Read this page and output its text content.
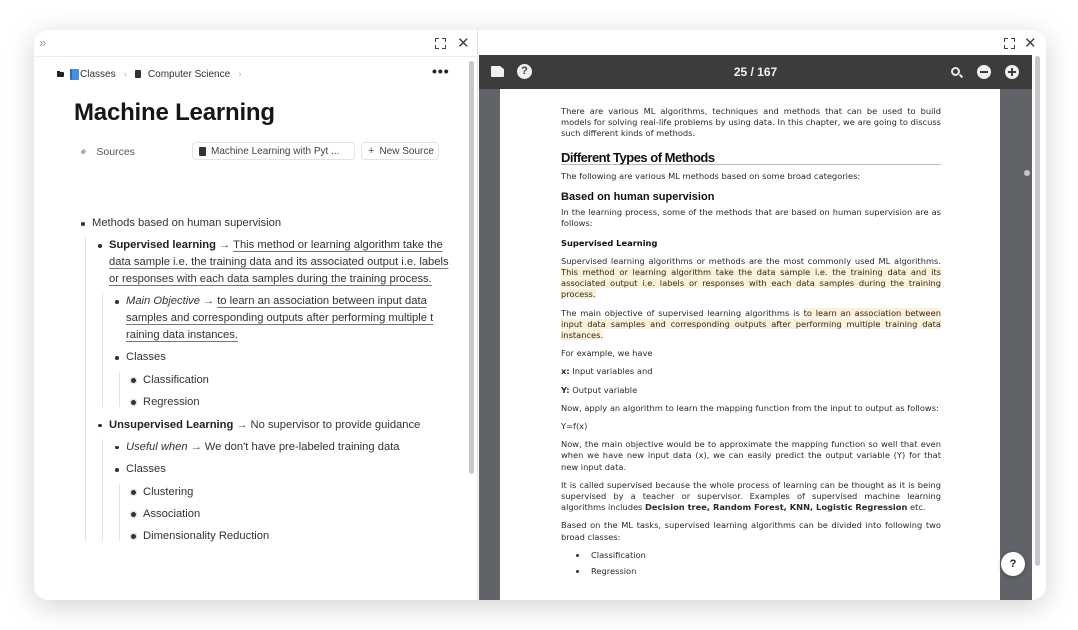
»	✕
Classes › Computer Science ›	•••
Machine Learning
⚭ Sources	Machine Learning with Pyt ...	+ New Source
Methods based on human supervision
Supervised learning → This method or learning algorithm take the data sample i.e. the training data and its associated output i.e. labels or responses with each data samples during the training process.
Main Objective → to learn an association between input data samples and corresponding outputs after performing multiple t raining data instances.
Classes
Classification
Regression
Unsupervised Learning → No supervisor to provide guidance
Useful when → We don't have pre-labeled training data
Classes
Clustering
Association
Dimensionality Reduction
✕
?	25 / 167

There are various ML algorithms, techniques and methods that can be used to build models for solving real-life problems by using data. In this chapter, we are going to discuss such different kinds of methods.

Different Types of Methods

The following are various ML methods based on some broad categories:

Based on human supervision

In the learning process, some of the methods that are based on human supervision are as follows:

Supervised Learning

Supervised learning algorithms or methods are the most commonly used ML algorithms. This method or learning algorithm take the data sample i.e. the training data and its associated output i.e. labels or responses with each data samples during the training process.

The main objective of supervised learning algorithms is to learn an association between input data samples and corresponding outputs after performing multiple training data instances.

For example, we have

x: Input variables and

Y: Output variable

Now, apply an algorithm to learn the mapping function from the input to output as follows:

Y=f(x)

Now, the main objective would be to approximate the mapping function so well that even when we have new input data (x), we can easily predict the output variable (Y) for that new input data.

It is called supervised because the whole process of learning can be thought as it is being supervised by a teacher or supervisor. Examples of supervised machine learning algorithms includes Decision tree, Random Forest, KNN, Logistic Regression etc.

Based on the ML tasks, supervised learning algorithms can be divided into following two broad classes:

Classification
Regression
?
